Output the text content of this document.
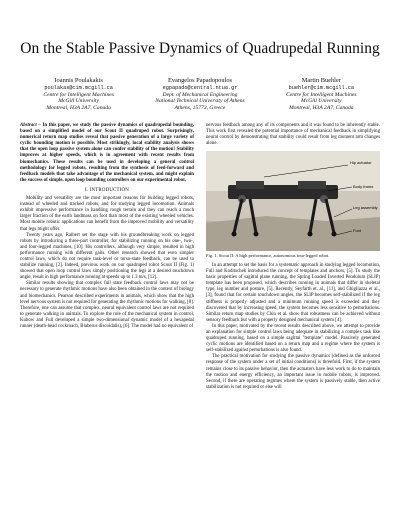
On the Stable Passive Dynamics of Quadrupedal Running
Ioannis Poulakakis
poulakas@cim.mcgill.ca
Centre for Intelligent Machines
McGill University
Montreal, H3A 2A7, Canada
Evangelos Papadopoulos
egpapado@central.ntua.gr
Dept. of Mechanical Engineering
National Technical University of Athens
Athens, 15773, Greece
Martin Buehler
buehler@cim.mcgill.ca
Centre for Intelligent Machines
McGill University
Montreal, H3A 2A7, Canada
Abstract – In this paper, we study the passive dynamics of quadrupedal bounding, based on a simplified model of our Scout II quadruped robot. Surprisingly, numerical return map studies reveal that passive generation of a large variety of cyclic bounding motion is possible. Most strikingly, local stability analysis shows that the open loop passive system alone can confer stability of the motion! Stability improves at higher speeds, which is in agreement with recent results from biomechanics. These results can be used in developing a general control methodology for legged robots, resulting from the synthesis of feed-forward and feedback models that take advantage of the mechanical system, and might explain the success of simple, open loop bounding controllers on our experimental robot.
I. INTRODUCTION

Mobility and versatility are the most important reasons for building legged robots, instead of wheeled and tracked robots, and for studying legged locomotion. Animals exhibit impressive performance in handling rough terrain and they can reach a much larger fraction of the earth landmass on foot than most of the existing wheeled vehicles. Most mobile robotic applications can benefit from the improved mobility and versatility that legs might offer.

Twenty years ago, Raibert set the stage with his groundbreaking work on legged robots by introducing a three-part controller, for stabilizing running on his one-, two-, and four-legged machines, [10]. His controllers, although very simple, resulted in high performance running with different gaits. Other research showed that even simpler control laws, which do not require task-level or torso-state feedback, can be used to stabilize running, [2]. Indeed, previous work on our quadruped robot Scout II (Fig. 1) showed that open loop control laws simply positioning the legs at a desired touchdown angle, result in high performance running at speeds up to 1.3 m/s, [12].

Similar results showing that complex full state feedback control laws may not be necessary to generate rhythmic motions have also been obtained in the context of biology and biomechanics. Pearson described experiments in animals, which show that the high level nervous system is not required for generating the rhythmic motions for walking, [8]. Therefore, one can assume that complex, neural equivalent control laws are not required to generate walking in animals. To explore the role of the mechanical system in control, Kubow and Full developed a simple two-dimensional dynamic model of a hexapedal runner (death-head cockroach, Blaberus discoidalis), [6]. The model had no equivalent of

nervous feedback among any of its components and it was found to be inherently stable. This work first revealed the potential importance of mechanical feedback in simplifying neural control by demonstrating that stability could result from leg moment arm changes alone.

Hip actuator
Body frame
Leg assembly
Foot
Fig. 1. Scout II: A high performance, autonomous four-legged robot.

In an attempt to set the basis for a systematic approach in studying legged locomotion, Full and Koditschek introduced the concept of templates and anchors, [5]. To study the basic properties of sagittal plane running, the Spring Loaded Inverted Pendulum (SLIP) template has been proposed, which describes running in animals that differ in skeletal type, leg number and posture, [5]. Recently, Seyfarth et. al., [11], and Ghigliazza et al., [3], found that for certain touchdown angles, the SLIP becomes self-stabilized if the leg stiffness is properly adjusted and a minimum running speed is exceeded and they discovered that by increasing speed, the system becomes less sensitive to perturbations. Similar return map studies by Chiu et al. show that robustness can be achieved without sensory feedback but with a properly designed mechanical system [4].

In this paper, motivated by the recent results described above, we attempt to provide an explanation for simple control laws being adequate in stabilizing a complex task like quadruped running, based on a simple sagittal "template" model. Passively generated cyclic motions are identified based on a return map and a regime where the system is self-stabilized against perturbations is also found.

The practical motivation for studying the passive dynamics (defined as the unforced response of the system under a set of initial conditions) is threefold. First, if the system remains close to its passive behavior, then the actuators have less work to do to maintain the motion and energy efficiency, an important issue in mobile robots, is improved. Second, if there are operating regimes where the system is passively stable, then active stabilization is not required or else will
